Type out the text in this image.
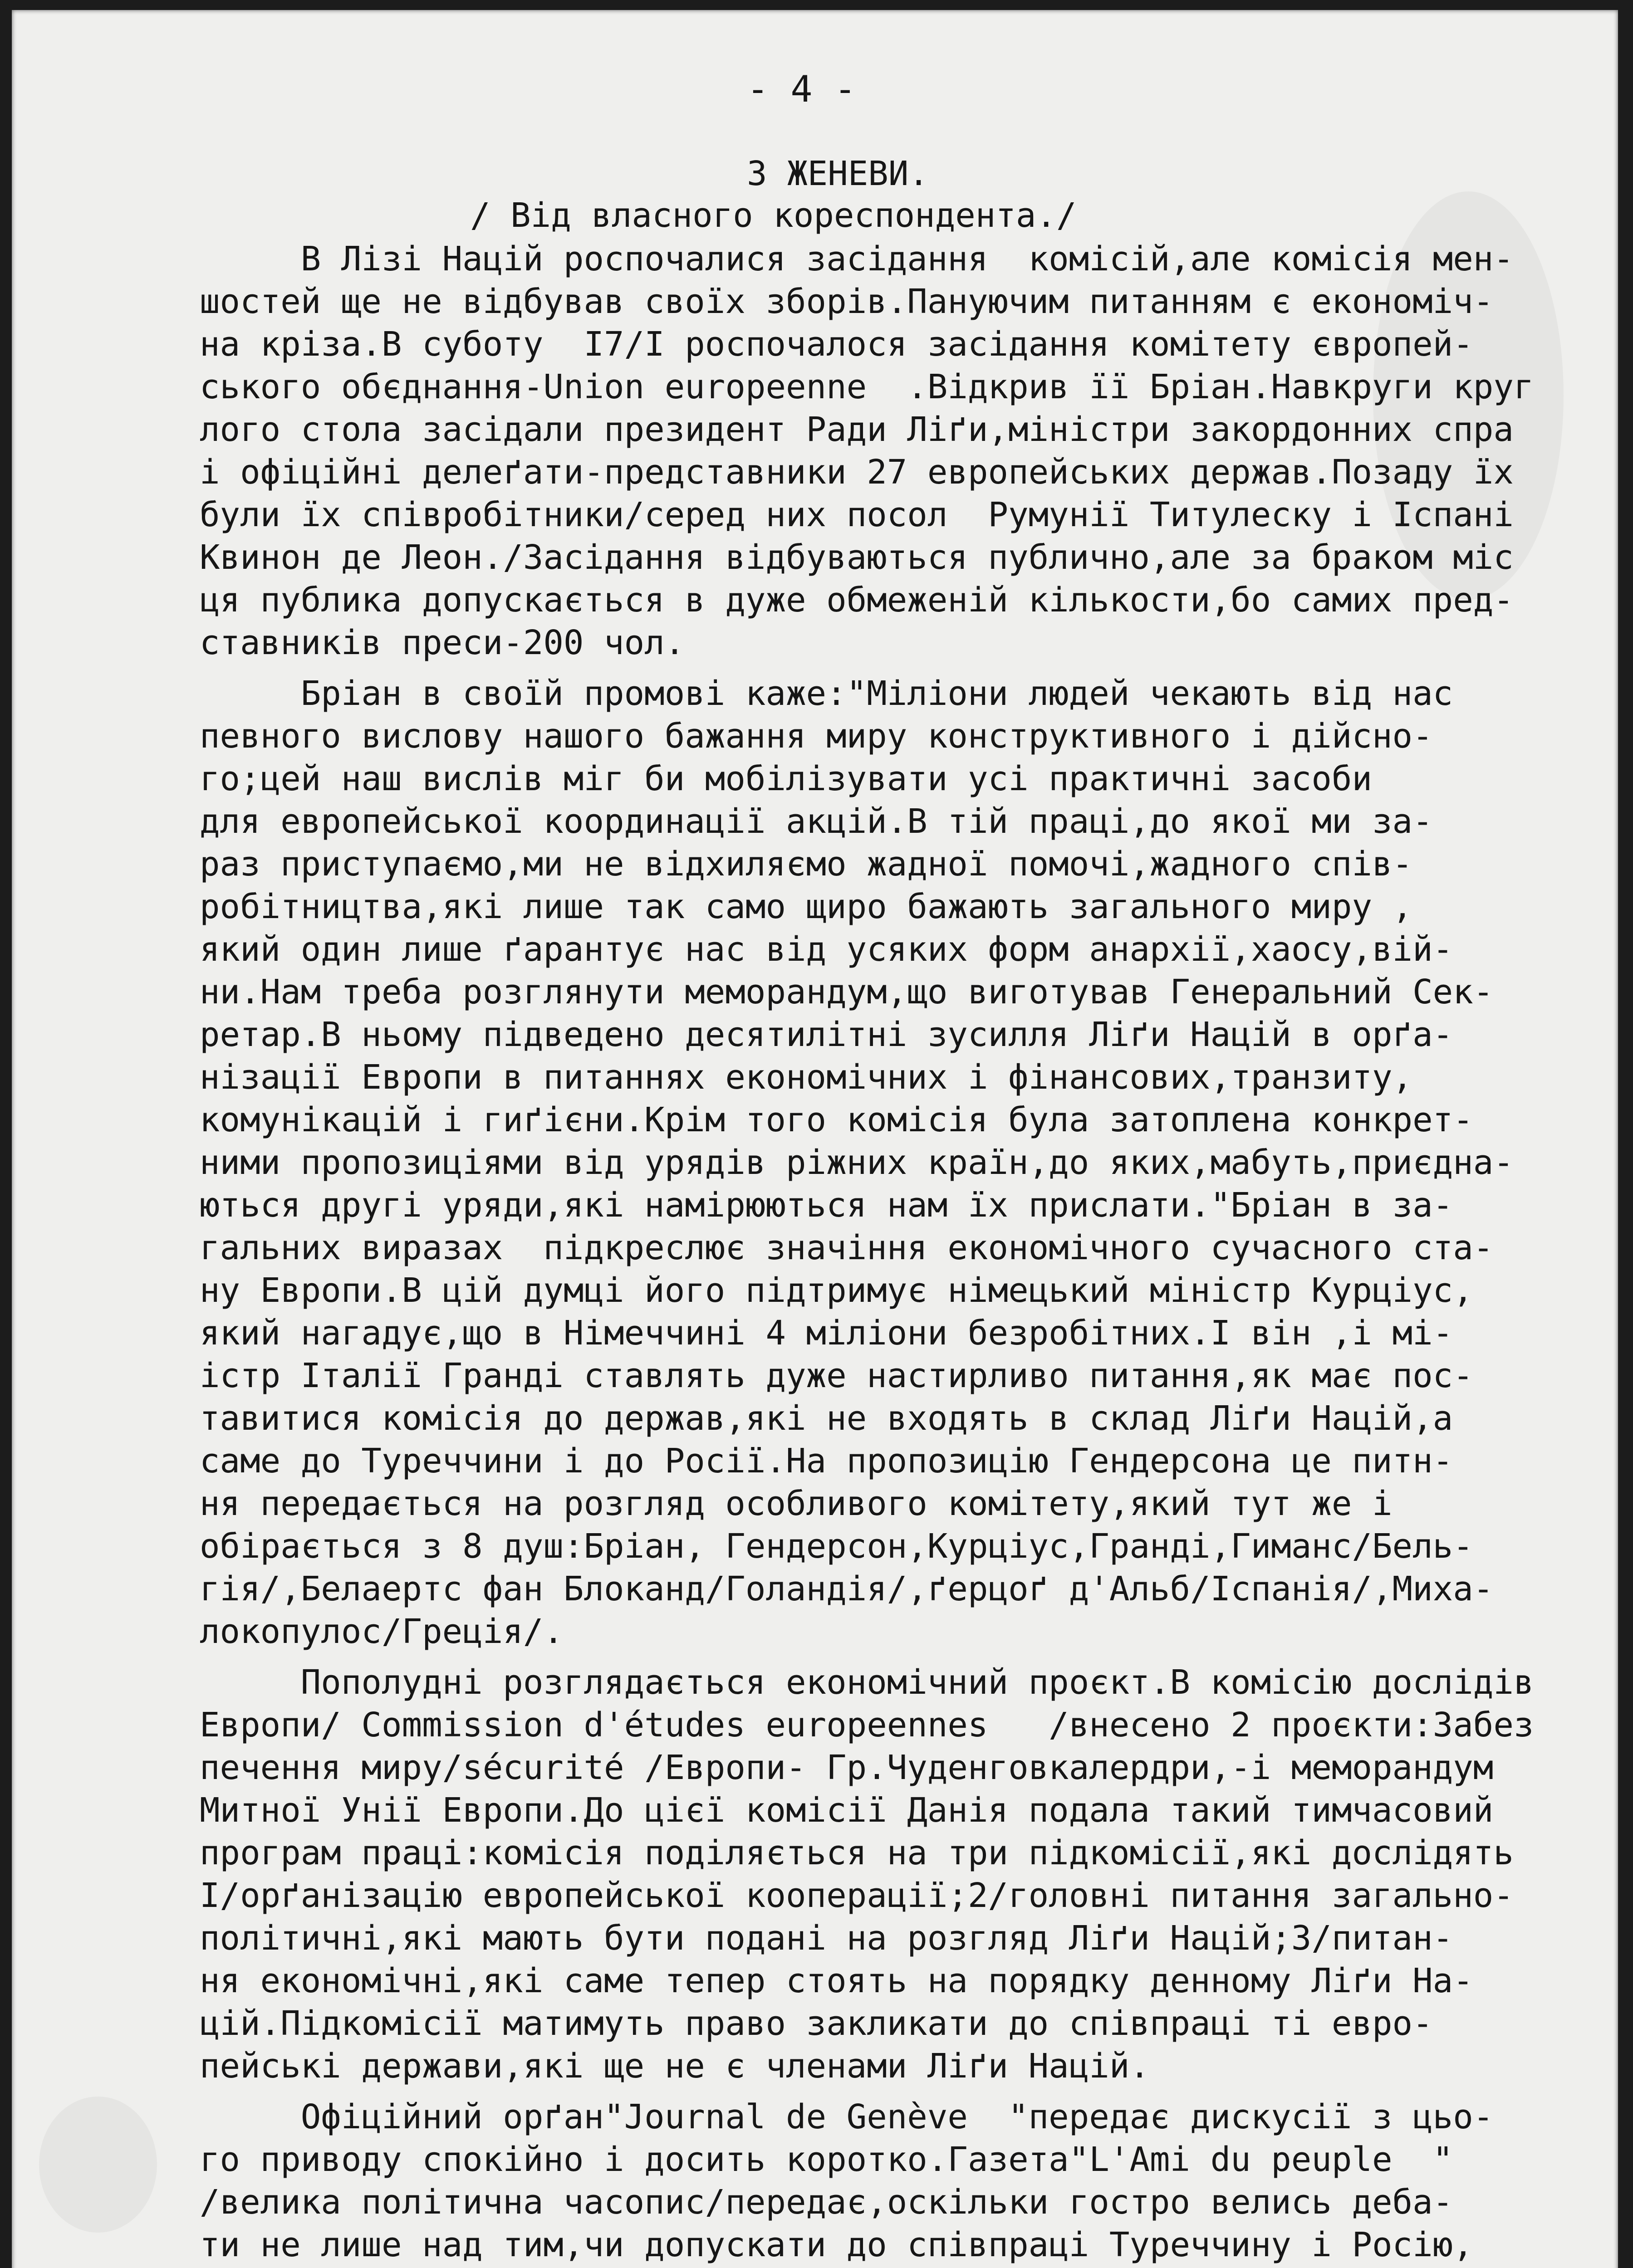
- 4 -
З ЖЕНЕВИ.
/ Від власного кореспондента./
В Лізі Націй роспочалися засідання  комісій,але комісія мен-
шостей ще не відбував своїх зборів.Пануючим питанням є економіч-
на кріза.В суботу  I7/I роспочалося засідання комітету європей-
ського обєднання-Union europeenne  .Відкрив її Бріан.Навкруги круг
лого стола засідали президент Ради Ліґи,міністри закордонних спра
і офіційні делеґати-представники 27 европейських держав.Позаду їх
були їх співробітники/серед них посол  Румунії Титулеску і Іспані
Квинон де Леон./Засідання відбуваються публично,але за браком міс
ця публика допускається в дуже обмеженій кількости,бо самих пред-
ставників преси-200 чол.
Бріан в своїй промові каже:"Міліони людей чекають від нас
певного вислову нашого бажання миру конструктивного і дійсно-
го;цей наш вислів міг би мобілізувати усі практичні засоби
для европейської координації акцій.В тій праці,до якої ми за-
раз приступаємо,ми не відхиляємо жадної помочі,жадного спів-
робітництва,які лише так само щиро бажають загального миру ,
який один лише ґарантує нас від усяких форм анархії,хаосу,вій-
ни.Нам треба розглянути меморандум,що виготував Генеральний Сек-
ретар.В ньому підведено десятилітні зусилля Ліґи Націй в орґа-
нізації Европи в питаннях економічних і фінансових,транзиту,
комунікацій і гиґієни.Крім того комісія була затоплена конкрет-
ними пропозиціями від урядів ріжних країн,до яких,мабуть,приєдна-
ються другі уряди,які намірюються нам їх прислати."Бріан в за-
гальних виразах  підкреслює значіння економічного сучасного ста-
ну Европи.В цій думці його підтримує німецький міністр Курціус,
який нагадує,що в Німеччині 4 міліони безробітних.І він ,і мі-
істр Італії Гранді ставлять дуже настирливо питання,як має пос-
тавитися комісія до держав,які не входять в склад Ліґи Націй,а
саме до Туреччини і до Росії.На пропозицію Гендерсона це питн-
ня передається на розгляд особливого комітету,який тут же і
обірається з 8 душ:Бріан, Гендерсон,Курціус,Гранді,Гиманс/Бель-
гія/,Белаертс фан Блоканд/Голандія/,ґерцоґ д'Альб/Іспанія/,Миха-
локопулос/Греція/.
Пополудні розглядається економічний проєкт.В комісію дослідів
Европи/ Commission d'études europeennes   /внесено 2 проєкти:Забез
печення миру/sécurité /Европи- Гр.Чуденговкалердри,-і меморандум
Митної Унії Европи.До цієї комісії Данія подала такий тимчасовий
програм праці:комісія поділяється на три підкомісії,які дослідять
І/орґанізацію европейської кооперації;2/головні питання загально-
політичні,які мають бути подані на розгляд Ліґи Націй;3/питан-
ня економічні,які саме тепер стоять на порядку денному Ліґи На-
цій.Підкомісії матимуть право закликати до співпраці ті евро-
пейські держави,які ще не є членами Ліґи Націй.
Офіційний орґан"Journal de Genève  "передає дискусії з цьо-
го приводу спокійно і досить коротко.Газета"L'Ami du peuple  "
/велика політична часопис/передає,оскільки гостро велись деба-
ти не лише над тим,чи допускати до співпраці Туреччину і Росію,
